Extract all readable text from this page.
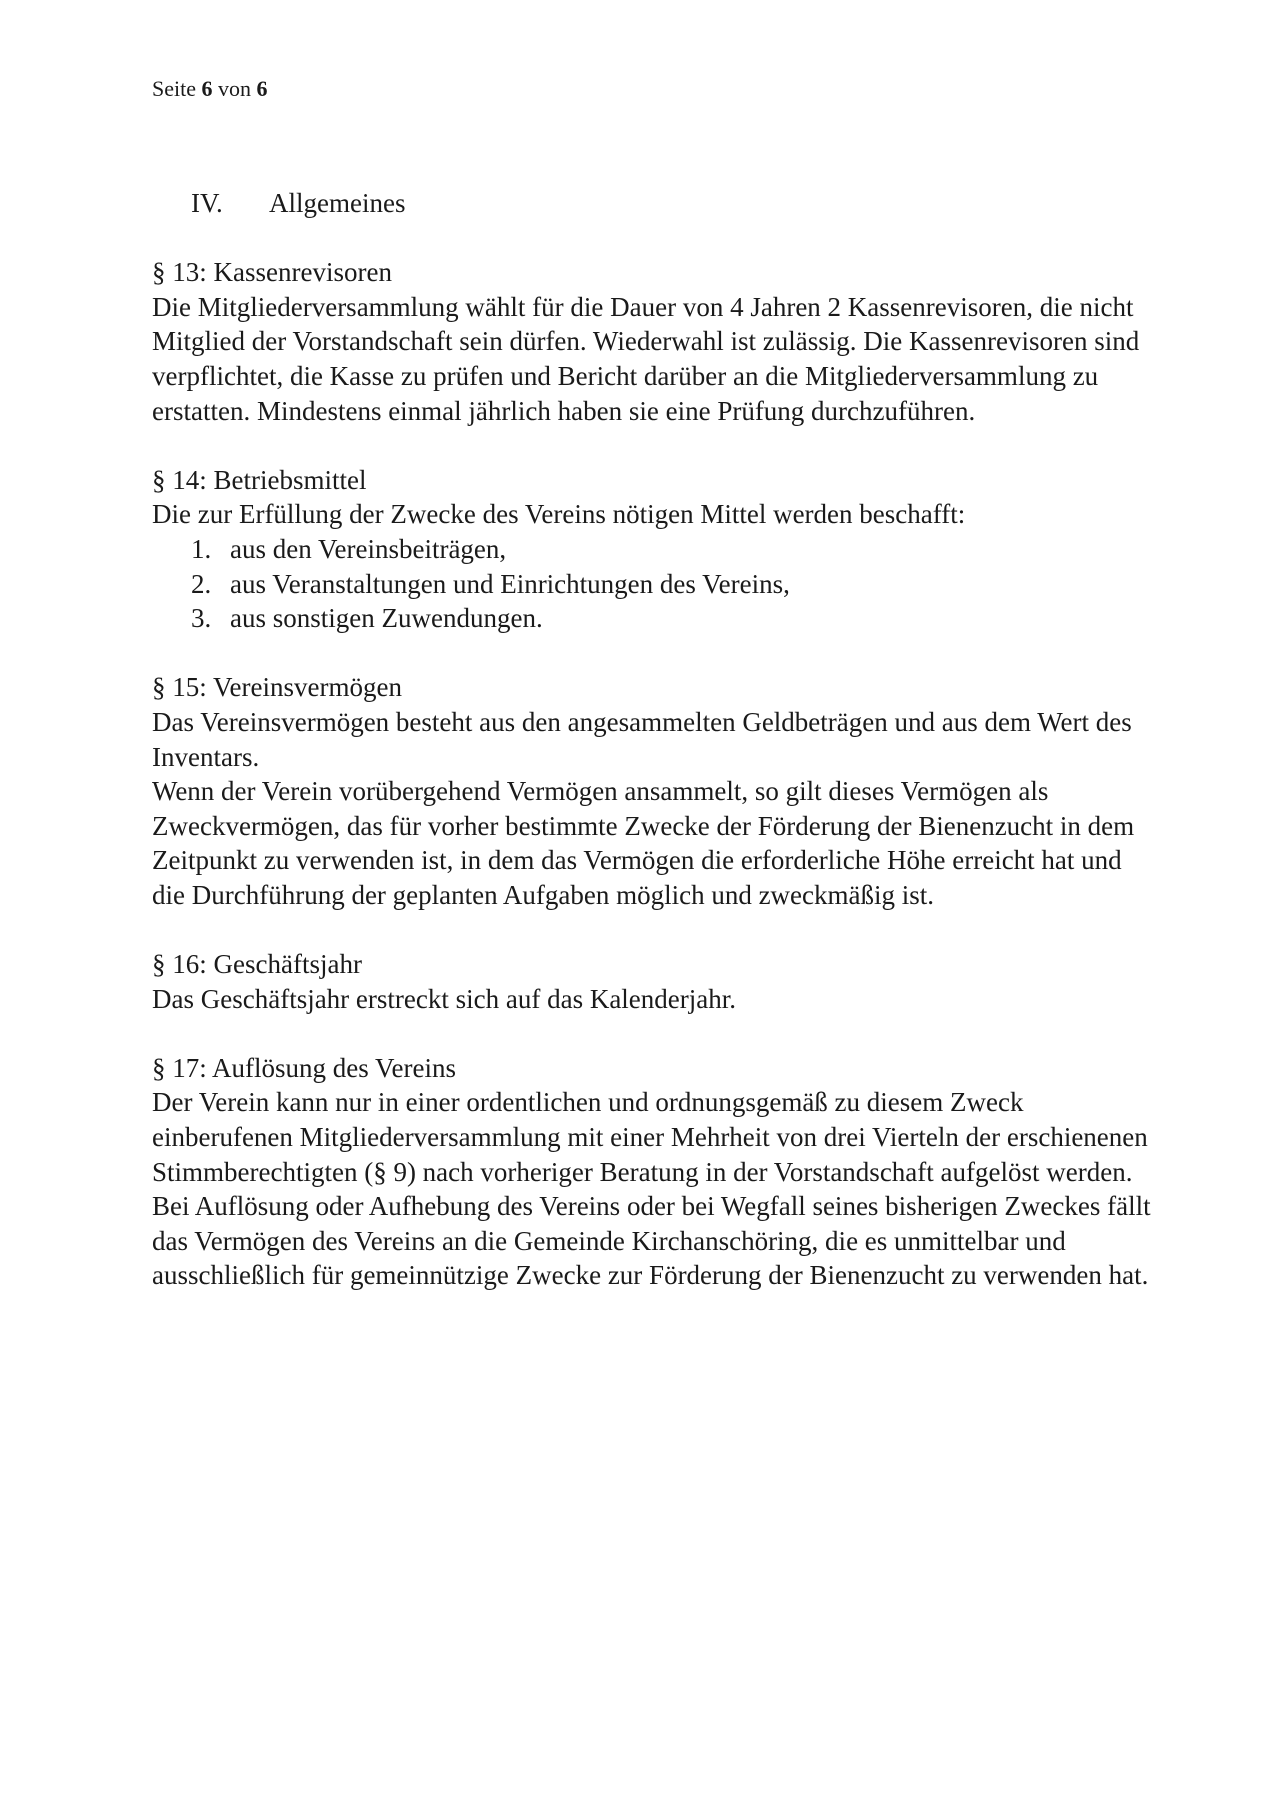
Seite 6 von 6
IV.	Allgemeines

§ 13: Kassenrevisoren

Die Mitgliederversammlung wählt für die Dauer von 4 Jahren 2 Kassenrevisoren, die nicht Mitglied der Vorstandschaft sein dürfen. Wiederwahl ist zulässig. Die Kassenrevisoren sind verpflichtet, die Kasse zu prüfen und Bericht darüber an die Mitgliederversammlung zu erstatten. Mindestens einmal jährlich haben sie eine Prüfung durchzuführen.

§ 14: Betriebsmittel

Die zur Erfüllung der Zwecke des Vereins nötigen Mittel werden beschafft:

1. aus den Vereinsbeiträgen,
2. aus Veranstaltungen und Einrichtungen des Vereins,
3. aus sonstigen Zuwendungen.

§ 15: Vereinsvermögen

Das Vereinsvermögen besteht aus den angesammelten Geldbeträgen und aus dem Wert des Inventars.

Wenn der Verein vorübergehend Vermögen ansammelt, so gilt dieses Vermögen als Zweckvermögen, das für vorher bestimmte Zwecke der Förderung der Bienenzucht in dem Zeitpunkt zu verwenden ist, in dem das Vermögen die erforderliche Höhe erreicht hat und die Durchführung der geplanten Aufgaben möglich und zweckmäßig ist.

§ 16: Geschäftsjahr

Das Geschäftsjahr erstreckt sich auf das Kalenderjahr.

§ 17: Auflösung des Vereins

Der Verein kann nur in einer ordentlichen und ordnungsgemäß zu diesem Zweck einberufenen Mitgliederversammlung mit einer Mehrheit von drei Vierteln der erschienenen Stimmberechtigten (§ 9) nach vorheriger Beratung in der Vorstandschaft aufgelöst werden.

Bei Auflösung oder Aufhebung des Vereins oder bei Wegfall seines bisherigen Zweckes fällt das Vermögen des Vereins an die Gemeinde Kirchanschöring, die es unmittelbar und ausschließlich für gemeinnützige Zwecke zur Förderung der Bienenzucht zu verwenden hat.
